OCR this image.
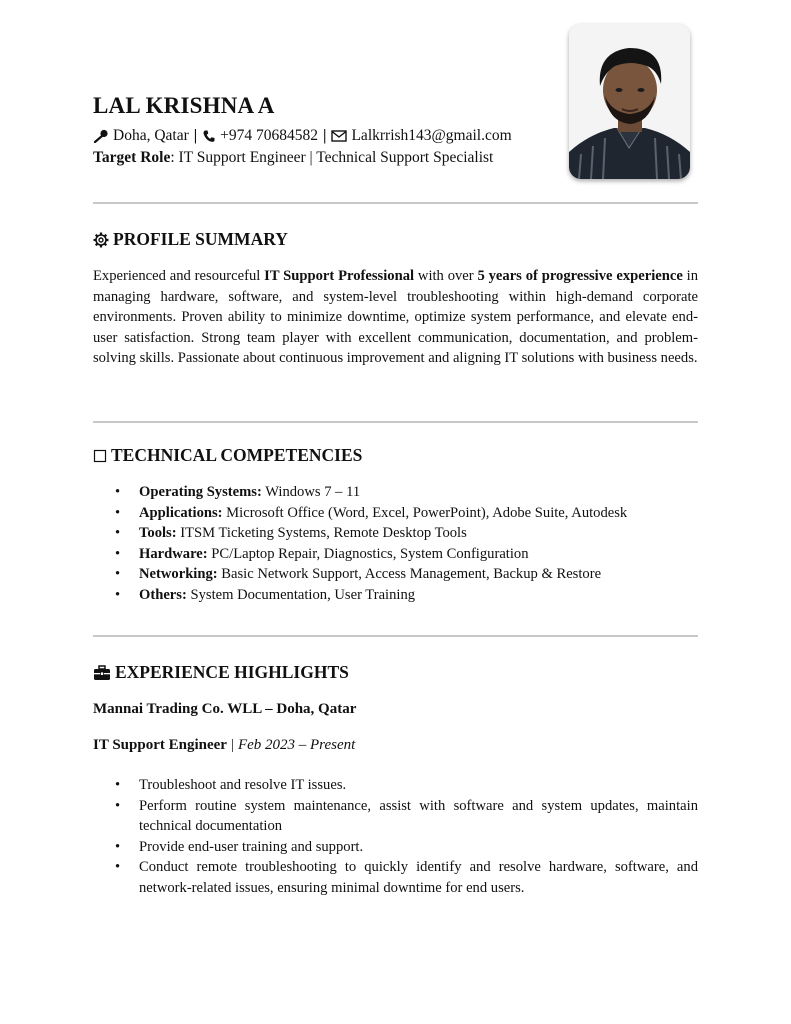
LAL KRISHNA A
Doha, Qatar | +974 70684582 | Lalkrrish143@gmail.com
Target Role: IT Support Engineer | Technical Support Specialist
PROFILE SUMMARY

Experienced and resourceful IT Support Professional with over 5 years of progressive experience in managing hardware, software, and system-level troubleshooting within high-demand corporate environments. Proven ability to minimize downtime, optimize system performance, and elevate end-user satisfaction. Strong team player with excellent communication, documentation, and problem-solving skills. Passionate about continuous improvement and aligning IT solutions with business needs.

TECHNICAL COMPETENCIES
• Operating Systems: Windows 7 – 11
• Applications: Microsoft Office (Word, Excel, PowerPoint), Adobe Suite, Autodesk
• Tools: ITSM Ticketing Systems, Remote Desktop Tools
• Hardware: PC/Laptop Repair, Diagnostics, System Configuration
• Networking: Basic Network Support, Access Management, Backup & Restore
• Others: System Documentation, User Training
EXPERIENCE HIGHLIGHTS
Mannai Trading Co. WLL – Doha, Qatar
IT Support Engineer | Feb 2023 – Present
• Troubleshoot and resolve IT issues.
• Perform routine system maintenance, assist with software and system updates, maintain technical documentation
• Provide end-user training and support.
• Conduct remote troubleshooting to quickly identify and resolve hardware, software, and network-related issues, ensuring minimal downtime for end users.
